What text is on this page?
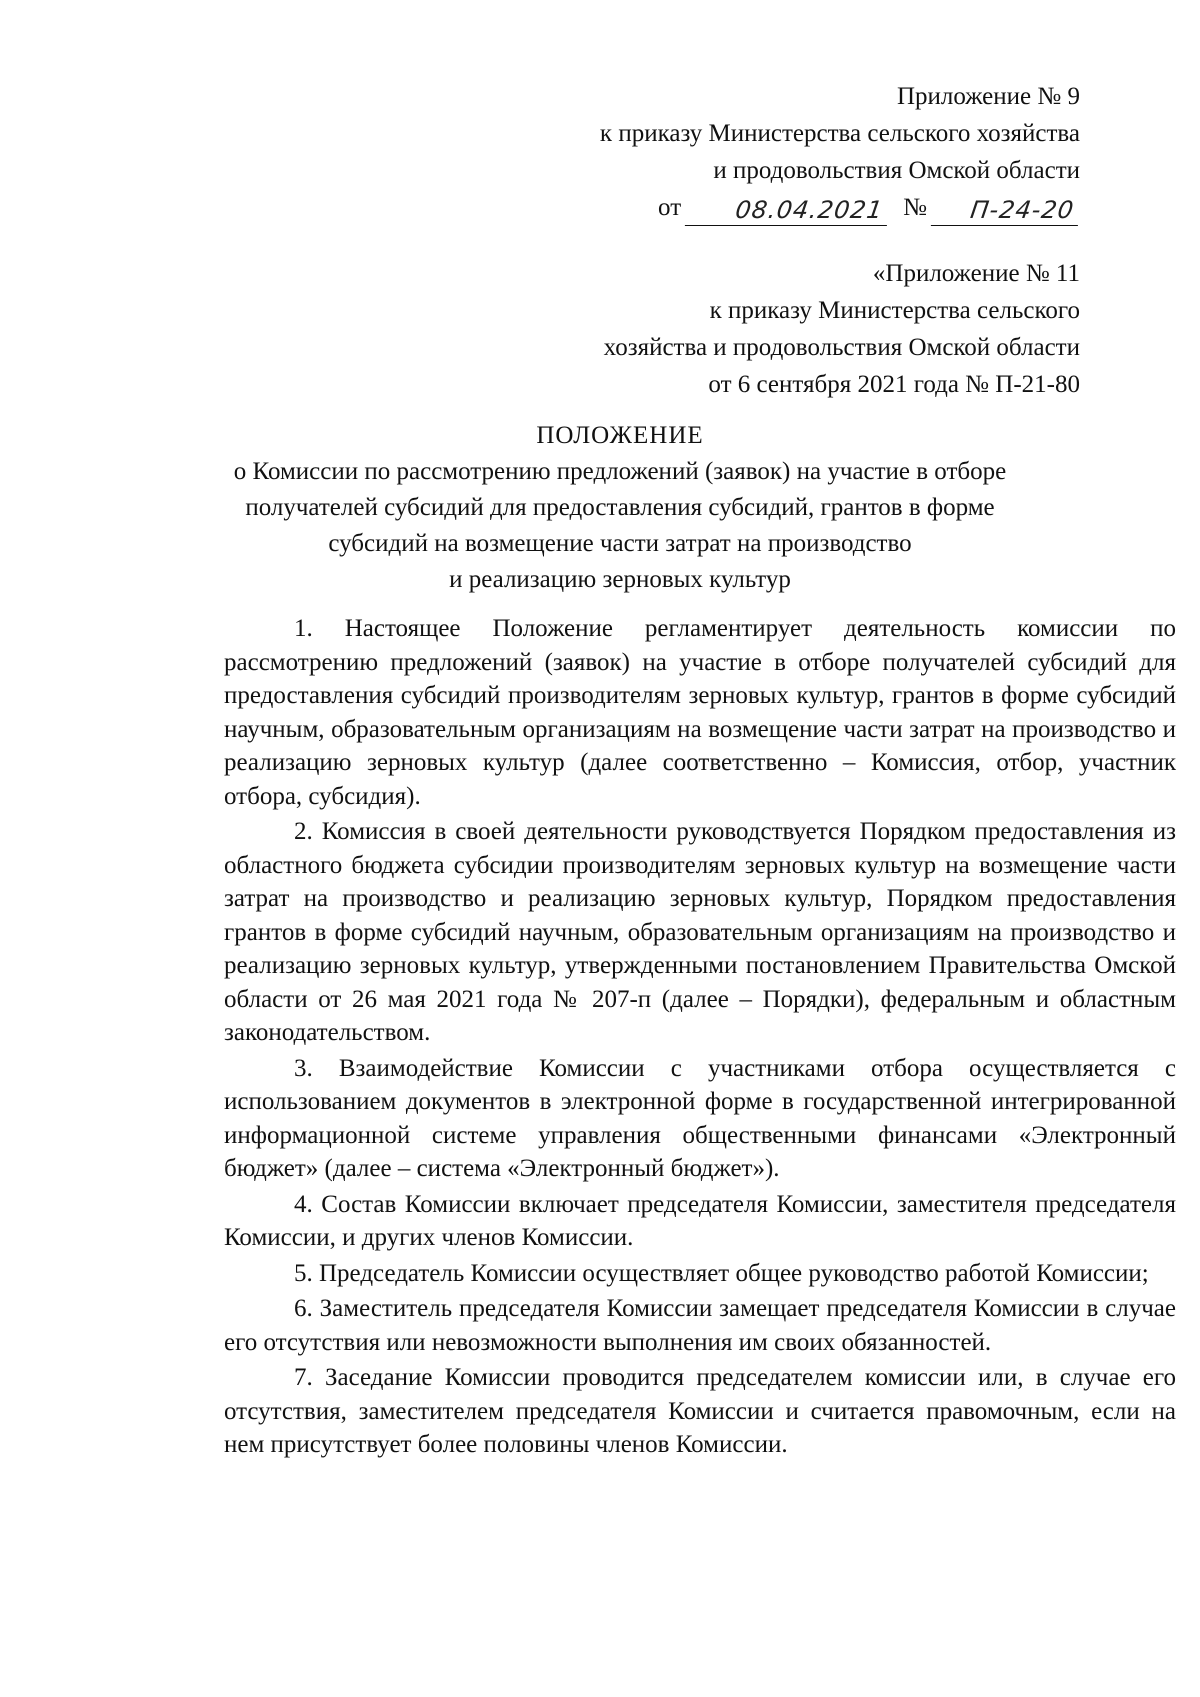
Приложение № 9
к приказу Министерства сельского хозяйства
и продовольствия Омской области
от	08.04.2021 №	П-24-20
«Приложение № 11
к приказу Министерства сельского
хозяйства и продовольствия Омской области
от 6 сентября 2021 года № П-21-80
ПОЛОЖЕНИЕ
о Комиссии по рассмотрению предложений (заявок) на участие в отборе
получателей субсидий для предоставления субсидий, грантов в форме
субсидий на возмещение части затрат на производство
и реализацию зерновых культур

1. Настоящее Положение регламентирует деятельность комиссии по рассмотрению предложений (заявок) на участие в отборе получателей субсидий для предоставления субсидий производителям зерновых культур, грантов в форме субсидий научным, образовательным организациям на возмещение части затрат на производство и реализацию зерновых культур (далее соответственно – Комиссия, отбор, участник отбора, субсидия).

2. Комиссия в своей деятельности руководствуется Порядком предоставления из областного бюджета субсидии производителям зерновых культур на возмещение части затрат на производство и реализацию зерновых культур, Порядком предоставления грантов в форме субсидий научным, образовательным организациям на производство и реализацию зерновых культур, утвержденными постановлением Правительства Омской области от 26 мая 2021 года № 207-п (далее – Порядки), федеральным и областным законодательством.

3. Взаимодействие Комиссии с участниками отбора осуществляется с использованием документов в электронной форме в государственной интегрированной информационной системе управления общественными финансами «Электронный бюджет» (далее – система «Электронный бюджет»).

4. Состав Комиссии включает председателя Комиссии, заместителя председателя Комиссии, и других членов Комиссии.

5. Председатель Комиссии осуществляет общее руководство работой Комиссии;

6. Заместитель председателя Комиссии замещает председателя Комиссии в случае его отсутствия или невозможности выполнения им своих обязанностей.

7. Заседание Комиссии проводится председателем комиссии или, в случае его отсутствия, заместителем председателя Комиссии и считается правомочным, если на нем присутствует более половины членов Комиссии.
